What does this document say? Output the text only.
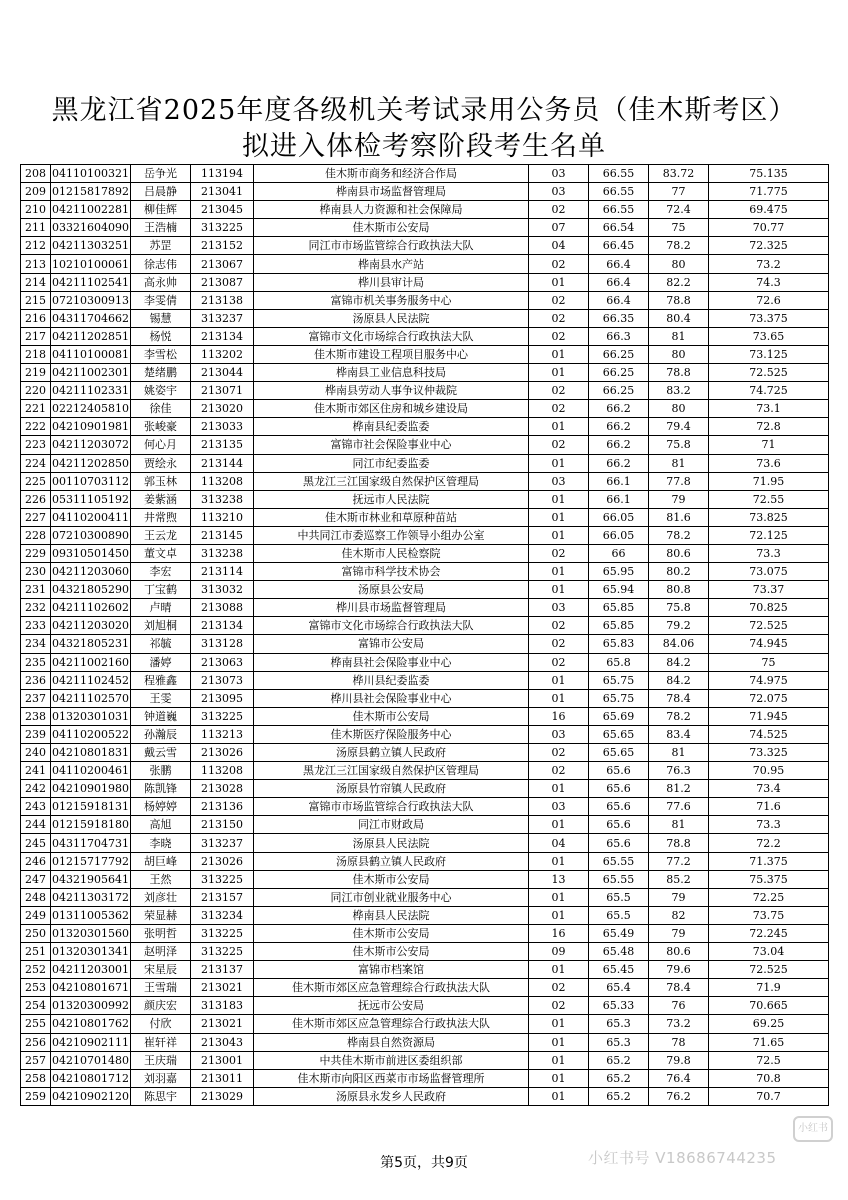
黑龙江省2025年度各级机关考试录用公务员（佳木斯考区）
拟进入体检考察阶段考生名单
208	04110100321	岳争光	113194	佳木斯市商务和经济合作局	03	66.55	83.72	75.135
209	01215817892	吕晨静	213041	桦南县市场监督管理局	03	66.55	77	71.775
210	04211002281	柳佳辉	213045	桦南县人力资源和社会保障局	02	66.55	72.4	69.475
211	03321604090	王浩楠	313225	佳木斯市公安局	07	66.54	75	70.77
212	04211303251	苏罡	213152	同江市市场监管综合行政执法大队	04	66.45	78.2	72.325
213	10210100061	徐志伟	213067	桦南县水产站	02	66.4	80	73.2
214	04211102541	高永帅	213087	桦川县审计局	01	66.4	82.2	74.3
215	07210300913	李雯倩	213138	富锦市机关事务服务中心	02	66.4	78.8	72.6
216	04311704662	锡慧	313237	汤原县人民法院	02	66.35	80.4	73.375
217	04211202851	杨悦	213134	富锦市文化市场综合行政执法大队	02	66.3	81	73.65
218	04110100081	李雪松	113202	佳木斯市建设工程项目服务中心	01	66.25	80	73.125
219	04211002301	楚绪鹏	213044	桦南县工业信息科技局	01	66.25	78.8	72.525
220	04211102331	姚姿宇	213071	桦南县劳动人事争议仲裁院	02	66.25	83.2	74.725
221	02212405810	徐佳	213020	佳木斯市郊区住房和城乡建设局	02	66.2	80	73.1
222	04210901981	张峻豪	213033	桦南县纪委监委	01	66.2	79.4	72.8
223	04211203072	何心月	213135	富锦市社会保险事业中心	02	66.2	75.8	71
224	04211202850	贾绘永	213144	同江市纪委监委	01	66.2	81	73.6
225	00110703112	郭玉林	113208	黑龙江三江国家级自然保护区管理局	03	66.1	77.8	71.95
226	05311105192	姜紫涵	313238	抚远市人民法院	01	66.1	79	72.55
227	04110200411	井常煦	113210	佳木斯市林业和草原种苗站	01	66.05	81.6	73.825
228	07210300890	王云龙	213145	中共同江市委巡察工作领导小组办公室	01	66.05	78.2	72.125
229	09310501450	董文卓	313238	佳木斯市人民检察院	02	66	80.6	73.3
230	04211203060	李宏	213114	富锦市科学技术协会	01	65.95	80.2	73.075
231	04321805290	丁宝鹤	313032	汤原县公安局	01	65.94	80.8	73.37
232	04211102602	卢晴	213088	桦川县市场监督管理局	03	65.85	75.8	70.825
233	04211203020	刘旭桐	213134	富锦市文化市场综合行政执法大队	02	65.85	79.2	72.525
234	04321805231	祁毓	313128	富锦市公安局	02	65.83	84.06	74.945
235	04211002160	潘婷	213063	桦南县社会保险事业中心	02	65.8	84.2	75
236	04211102452	程雅鑫	213073	桦川县纪委监委	01	65.75	84.2	74.975
237	04211102570	王雯	213095	桦川县社会保险事业中心	01	65.75	78.4	72.075
238	01320301031	钟道巍	313225	佳木斯市公安局	16	65.69	78.2	71.945
239	04110200522	孙瀚辰	113213	佳木斯医疗保险服务中心	03	65.65	83.4	74.525
240	04210801831	戴云雪	213026	汤原县鹤立镇人民政府	02	65.65	81	73.325
241	04110200461	张鹏	113208	黑龙江三江国家级自然保护区管理局	02	65.6	76.3	70.95
242	04210901980	陈凯锋	213028	汤原县竹帘镇人民政府	01	65.6	81.2	73.4
243	01215918131	杨婷婷	213136	富锦市市场监管综合行政执法大队	03	65.6	77.6	71.6
244	01215918180	高旭	213150	同江市财政局	01	65.6	81	73.3
245	04311704731	李晓	313237	汤原县人民法院	04	65.6	78.8	72.2
246	01215717792	胡巨峰	213026	汤原县鹤立镇人民政府	01	65.55	77.2	71.375
247	04321905641	王然	313225	佳木斯市公安局	13	65.55	85.2	75.375
248	04211303172	刘彦壮	213157	同江市创业就业服务中心	01	65.5	79	72.25
249	01311005362	荣显赫	313234	桦南县人民法院	01	65.5	82	73.75
250	01320301560	张明哲	313225	佳木斯市公安局	16	65.49	79	72.245
251	01320301341	赵明泽	313225	佳木斯市公安局	09	65.48	80.6	73.04
252	04211203001	宋星辰	213137	富锦市档案馆	01	65.45	79.6	72.525
253	04210801671	王雪瑞	213021	佳木斯市郊区应急管理综合行政执法大队	02	65.4	78.4	71.9
254	01320300992	颜庆宏	313183	抚远市公安局	02	65.33	76	70.665
255	04210801762	付欣	213021	佳木斯市郊区应急管理综合行政执法大队	01	65.3	73.2	69.25
256	04210902111	崔轩祥	213043	桦南县自然资源局	01	65.3	78	71.65
257	04210701480	王庆瑞	213001	中共佳木斯市前进区委组织部	01	65.2	79.8	72.5
258	04210801712	刘羽嘉	213011	佳木斯市向阳区西菜市市场监督管理所	01	65.2	76.4	70.8
259	04210902120	陈思宇	213029	汤原县永发乡人民政府	01	65.2	76.2	70.7
第5页，共9页	小红书号 V18686744235
小红书
